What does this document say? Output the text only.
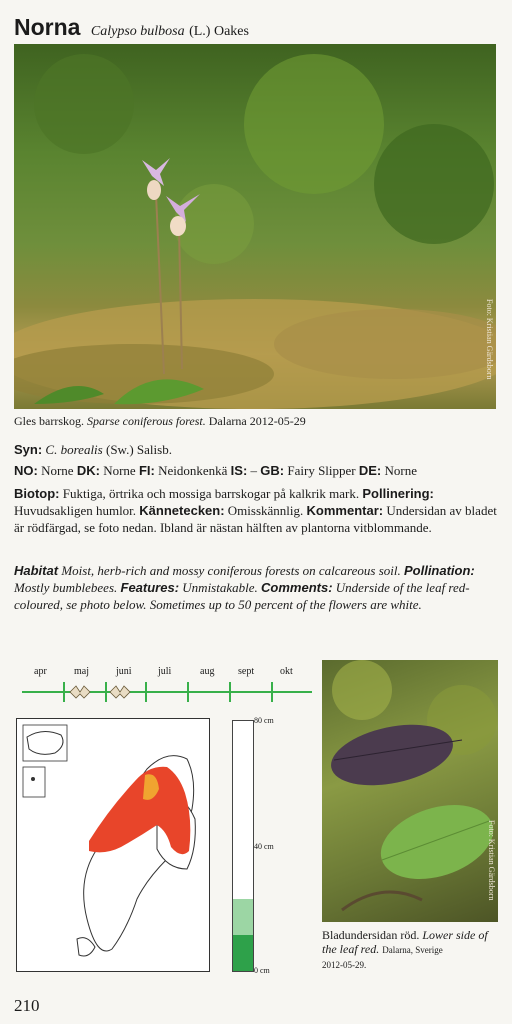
Norna Calypso bulbosa (L.) Oakes
Foto: Kristian Gärdsborn
Gles barrskog. Sparse coniferous forest. Dalarna 2012-05-29
Syn: C. borealis (Sw.) Salisb.
NO: Norne DK: Norne FI: Neidonkenkä IS: – GB: Fairy Slipper DE: Norne
Biotop: Fuktiga, örtrika och mossiga barrskogar på kalkrik mark. Pollinering: Huvudsakligen humlor. Kännetecken: Omisskännlig. Kommentar: Undersidan av bladet är rödfärgad, se foto nedan. Ibland är nästan hälften av plantorna vitblommande.
Habitat Moist, herb-rich and mossy coniferous forests on calcareous soil. Pollination: Mostly bumblebees. Features: Unmistakable. Comments: Underside of the leaf red-coloured, se photo below. Sometimes up to 50 percent of the flowers are white.
apr	maj	juni	juli	aug sept	okt
80 cm
40 cm
0 cm
Foto: Kristian Gärdsborn
Bladundersidan röd. Lower side of the leaf red. Dalarna, Sverige
2012-05-29.
210
